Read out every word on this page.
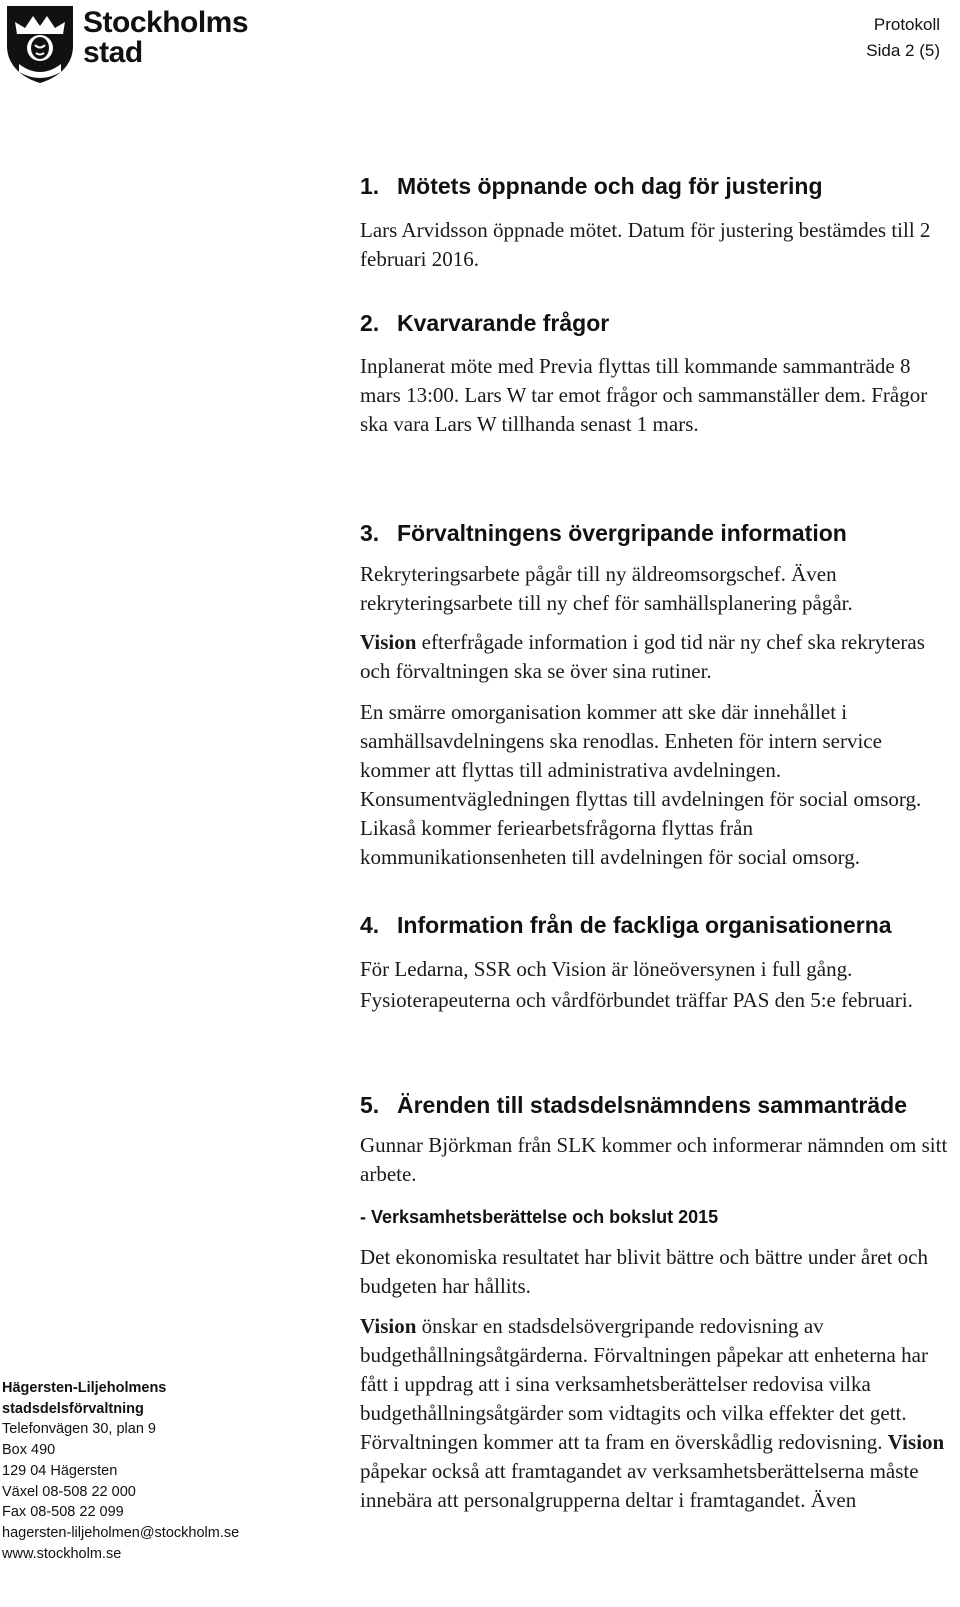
Stockholms
stad
Protokoll
Sida 2 (5)
1. Mötets öppnande och dag för justering
Lars Arvidsson öppnade mötet. Datum för justering bestämdes till 2 februari 2016.
2. Kvarvarande frågor
Inplanerat möte med Previa flyttas till kommande sammanträde 8 mars 13:00. Lars W tar emot frågor och sammanställer dem. Frågor ska vara Lars W tillhanda senast 1 mars.
3. Förvaltningens övergripande information
Rekryteringsarbete pågår till ny äldreomsorgschef. Även rekryteringsarbete till ny chef för samhällsplanering pågår.
Vision efterfrågade information i god tid när ny chef ska rekryteras och förvaltningen ska se över sina rutiner.
En smärre omorganisation kommer att ske där innehållet i samhällsavdelningens ska renodlas. Enheten för intern service kommer att flyttas till administrativa avdelningen. Konsumentvägledningen flyttas till avdelningen för social omsorg. Likaså kommer feriearbetsfrågorna flyttas från kommunikationsenheten till avdelningen för social omsorg.
4. Information från de fackliga organisationerna
För Ledarna, SSR och Vision är löneöversynen i full gång. Fysioterapeuterna och vårdförbundet träffar PAS den 5:e februari.
5. Ärenden till stadsdelsnämndens sammanträde
Gunnar Björkman från SLK kommer och informerar nämnden om sitt arbete.
- Verksamhetsberättelse och bokslut 2015
Det ekonomiska resultatet har blivit bättre och bättre under året och budgeten har hållits.
Vision önskar en stadsdelsövergripande redovisning av budgethållningsåtgärderna. Förvaltningen påpekar att enheterna har fått i uppdrag att i sina verksamhetsberättelser redovisa vilka budgethållningsåtgärder som vidtagits och vilka effekter det gett. Förvaltningen kommer att ta fram en överskådlig redovisning. Vision påpekar också att framtagandet av verksamhetsberättelserna måste innebära att personalgrupperna deltar i framtagandet. Även
Hägersten-Liljeholmens
stadsdelsförvaltning
Telefonvägen 30, plan 9
Box 490
129 04 Hägersten
Växel 08-508 22 000
Fax 08-508 22 099
hagersten-liljeholmen@stockholm.se
www.stockholm.se
